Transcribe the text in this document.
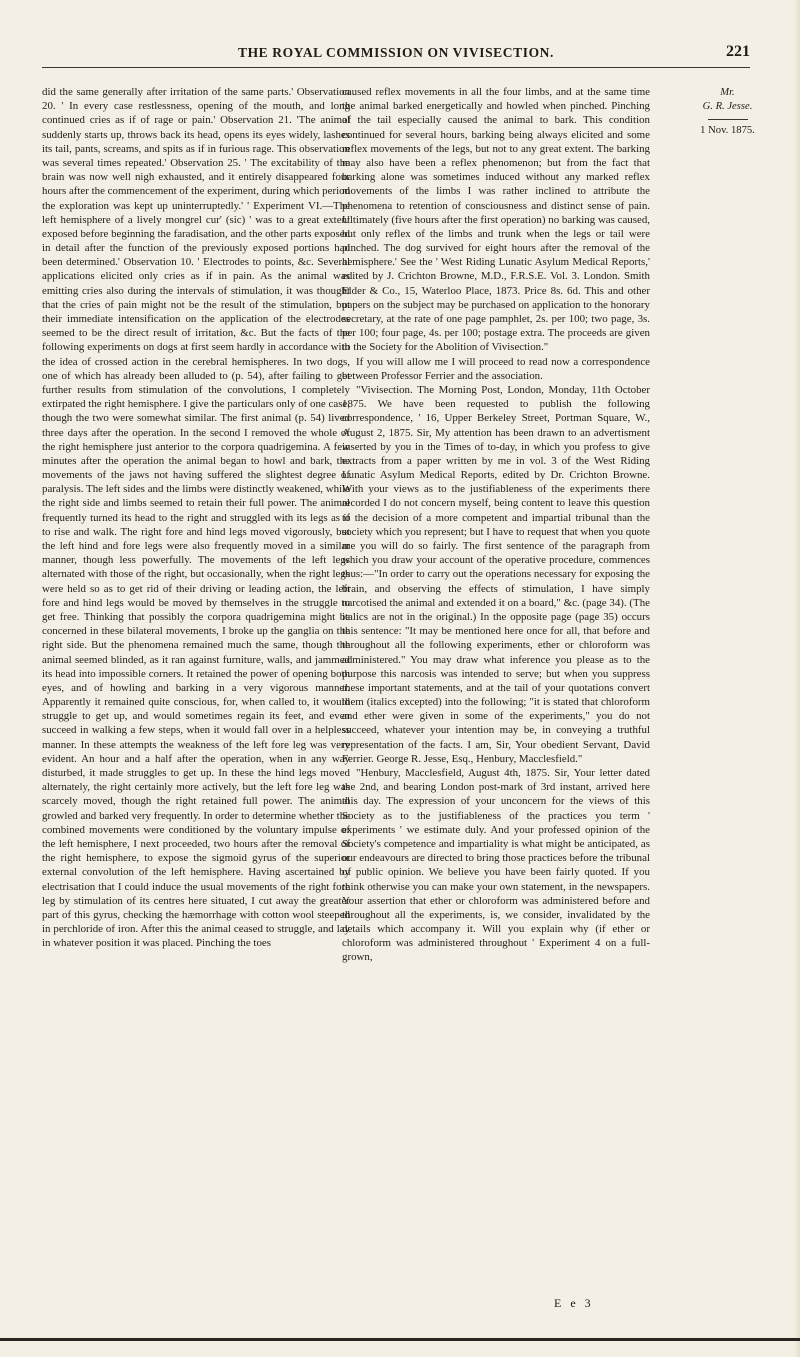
THE ROYAL COMMISSION ON VIVISECTION.	221

did the same generally after irritation of the same parts.' Observation 20. ' In every case restlessness, opening of the mouth, and long continued cries as if of rage or pain.' Observation 21. 'The animal suddenly starts up, throws back its head, opens its eyes widely, lashes its tail, pants, screams, and spits as if in furious rage. This observation was several times repeated.' Observation 25. ' The excitability of the brain was now well nigh exhausted, and it entirely disappeared four hours after the commencement of the experiment, during which period the exploration was kept up uninterruptedly.' ' Experiment VI.—The left hemisphere of a lively mongrel cur' (sic) ' was to a great extent exposed before beginning the faradisation, and the other parts exposed in detail after the function of the previously exposed portions had been determined.' Observation 10. ' Electrodes to points, &c. Several applications elicited only cries as if in pain. As the animal was emitting cries also during the intervals of stimulation, it was thought that the cries of pain might not be the result of the stimulation, but their immediate intensification on the application of the electrodes seemed to be the direct result of irritation, &c. But the facts of the following experiments on dogs at first seem hardly in accordance with the idea of crossed action in the cerebral hemispheres. In two dogs, one of which has already been alluded to (p. 54), after failing to get further results from stimulation of the convolutions, I completely extirpated the right hemisphere. I give the particulars only of one case, though the two were somewhat similar. The first animal (p. 54) lived three days after the operation. In the second I removed the whole of the right hemisphere just anterior to the corpora quadrigemina. A few minutes after the operation the animal began to howl and bark, the movements of the jaws not having suffered the slightest degree of paralysis. The left sides and the limbs were distinctly weakened, while the right side and limbs seemed to retain their full power. The animal frequently turned its head to the right and struggled with its legs as if to rise and walk. The right fore and hind legs moved vigorously, but the left hind and fore legs were also frequently moved in a similar manner, though less powerfully. The movements of the left legs alternated with those of the right, but occasionally, when the right legs were held so as to get rid of their driving or leading action, the left fore and hind legs would be moved by themselves in the struggle to get free. Thinking that possibly the corpora quadrigemina might be concerned in these bilateral movements, I broke up the ganglia on the right side. But the phenomena remained much the same, though the animal seemed blinded, as it ran against furniture, walls, and jammed its head into impossible corners. It retained the power of opening both eyes, and of howling and barking in a very vigorous manner. Apparently it remained quite conscious, for, when called to, it would struggle to get up, and would sometimes regain its feet, and even succeed in walking a few steps, when it would fall over in a helpless manner. In these attempts the weakness of the left fore leg was very evident. An hour and a half after the operation, when in any way disturbed, it made struggles to get up. In these the hind legs moved alternately, the right certainly more actively, but the left fore leg was scarcely moved, though the right retained full power. The animal growled and barked very frequently. In order to determine whether the combined movements were conditioned by the voluntary impulse of the left hemisphere, I next proceeded, two hours after the removal of the right hemisphere, to expose the sigmoid gyrus of the superior external convolution of the left hemisphere. Having ascertained by electrisation that I could induce the usual movements of the right fore leg by stimulation of its centres here situated, I cut away the greater part of this gyrus, checking the hæmorrhage with cotton wool steeped in perchloride of iron. After this the animal ceased to struggle, and lay in whatever position it was placed. Pinching the toes

caused reflex movements in all the four limbs, and at the same time the animal barked energetically and howled when pinched. Pinching of the tail especially caused the animal to bark. This condition continued for several hours, barking being always elicited and some reflex movements of the legs, but not to any great extent. The barking may also have been a reflex phenomenon; but from the fact that barking alone was sometimes induced without any marked reflex movements of the limbs I was rather inclined to attribute the phenomena to retention of consciousness and distinct sense of pain. Ultimately (five hours after the first operation) no barking was caused, but only reflex of the limbs and trunk when the legs or tail were pinched. The dog survived for eight hours after the removal of the hemisphere.' See the ' West Riding Lunatic Asylum Medical Reports,' edited by J. Crichton Browne, M.D., F.R.S.E. Vol. 3. London. Smith Elder & Co., 15, Waterloo Place, 1873. Price 8s. 6d. This and other papers on the subject may be purchased on application to the honorary secretary, at the rate of one page pamphlet, 2s. per 100; two page, 3s. per 100; four page, 4s. per 100; postage extra. The proceeds are given to the Society for the Abolition of Vivisection."

If you will allow me I will proceed to read now a correspondence between Professor Ferrier and the association.

"Vivisection. The Morning Post, London, Monday, 11th October 1875. We have been requested to publish the following correspondence, ' 16, Upper Berkeley Street, Portman Square, W., August 2, 1875. Sir, My attention has been drawn to an advertisment inserted by you in the Times of to-day, in which you profess to give extracts from a paper written by me in vol. 3 of the West Riding Lunatic Asylum Medical Reports, edited by Dr. Crichton Browne. With your views as to the justifiableness of the experiments there recorded I do not concern myself, being content to leave this question to the decision of a more competent and impartial tribunal than the society which you represent; but I have to request that when you quote me you will do so fairly. The first sentence of the paragraph from which you draw your account of the operative procedure, commences thus:—"In order to carry out the operations necessary for exposing the brain, and observing the effects of stimulation, I have simply narcotised the animal and extended it on a board," &c. (page 34). (The italics are not in the original.) In the opposite page (page 35) occurs this sentence: "It may be mentioned here once for all, that before and throughout all the following experiments, ether or chloroform was administered." You may draw what inference you please as to the purpose this narcosis was intended to serve; but when you suppress these important statements, and at the tail of your quotations convert them (italics excepted) into the following; "it is stated that chloroform and ether were given in some of the experiments," you do not succeed, whatever your intention may be, in conveying a truthful representation of the facts. I am, Sir, Your obedient Servant, David Ferrier. George R. Jesse, Esq., Henbury, Macclesfield."

"Henbury, Macclesfield, August 4th, 1875. Sir, Your letter dated the 2nd, and bearing London post-mark of 3rd instant, arrived here this day. The expression of your unconcern for the views of this Society as to the justifiableness of the practices you term ' experiments ' we estimate duly. And your professed opinion of the Society's competence and impartiality is what might be anticipated, as our endeavours are directed to bring those practices before the tribunal of public opinion. We believe you have been fairly quoted. If you think otherwise you can make your own statement, in the newspapers. Your assertion that ether or chloroform was administered before and throughout all the experiments, is, we consider, invalidated by the details which accompany it. Will you explain why (if ether or chloroform was administered throughout ' Experiment 4 on a full-grown,

Mr.
G. R. Jesse.
1 Nov. 1875.
E e 3
